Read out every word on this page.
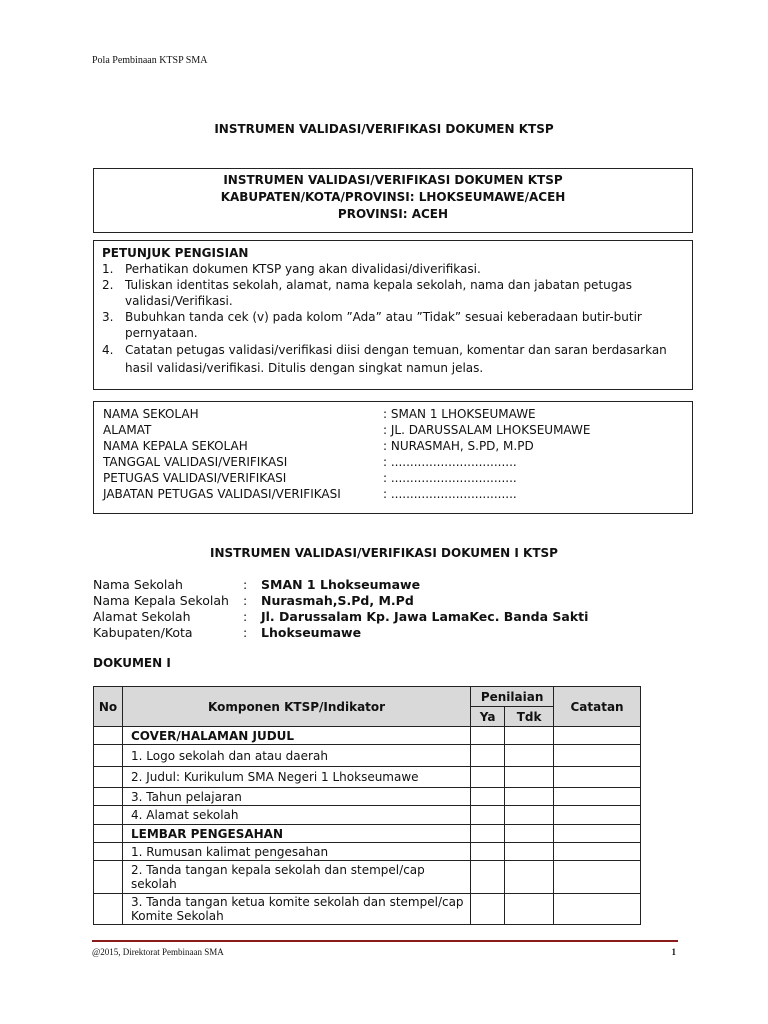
Pola Pembinaan KTSP SMA
INSTRUMEN VALIDASI/VERIFIKASI DOKUMEN KTSP
INSTRUMEN VALIDASI/VERIFIKASI DOKUMEN KTSP
KABUPATEN/KOTA/PROVINSI: LHOKSEUMAWE/ACEH
PROVINSI: ACEH
PETUNJUK PENGISIAN
1. Perhatikan dokumen KTSP yang akan divalidasi/diverifikasi.
2. Tuliskan identitas sekolah, alamat, nama kepala sekolah, nama dan jabatan petugas validasi/Verifikasi.
3. Bubuhkan tanda cek (v) pada kolom ”Ada” atau ”Tidak” sesuai keberadaan butir-butir pernyataan.
4. Catatan petugas validasi/verifikasi diisi dengan temuan, komentar dan saran berdasarkan hasil validasi/verifikasi. Ditulis dengan singkat namun jelas.
NAMA SEKOLAH	: SMAN 1 LHOKSEUMAWE
ALAMAT	: JL. DARUSSALAM LHOKSEUMAWE
NAMA KEPALA SEKOLAH	: NURASMAH, S.PD, M.PD
TANGGAL VALIDASI/VERIFIKASI	: .................................
PETUGAS VALIDASI/VERIFIKASI	: .................................
JABATAN PETUGAS VALIDASI/VERIFIKASI	: .................................
INSTRUMEN VALIDASI/VERIFIKASI DOKUMEN I KTSP
Nama Sekolah	:	SMAN 1 Lhokseumawe
Nama Kepala Sekolah	:	Nurasmah,S.Pd, M.Pd
Alamat Sekolah	:	Jl. Darussalam Kp. Jawa LamaKec. Banda Sakti
Kabupaten/Kota	:	Lhokseumawe
DOKUMEN I
No	Komponen KTSP/Indikator	Penilaian		Catatan
		Ya	Tdk	
	COVER/HALAMAN JUDUL			
	1. Logo sekolah dan atau daerah			
	2. Judul: Kurikulum SMA Negeri 1 Lhokseumawe			
	3. Tahun pelajaran			
	4. Alamat sekolah			
	LEMBAR PENGESAHAN			
	1. Rumusan kalimat pengesahan			
	2. Tanda tangan kepala sekolah dan stempel/cap sekolah			
	3. Tanda tangan ketua komite sekolah dan stempel/cap Komite Sekolah			
@2015, Direktorat Pembinaan SMA	1
